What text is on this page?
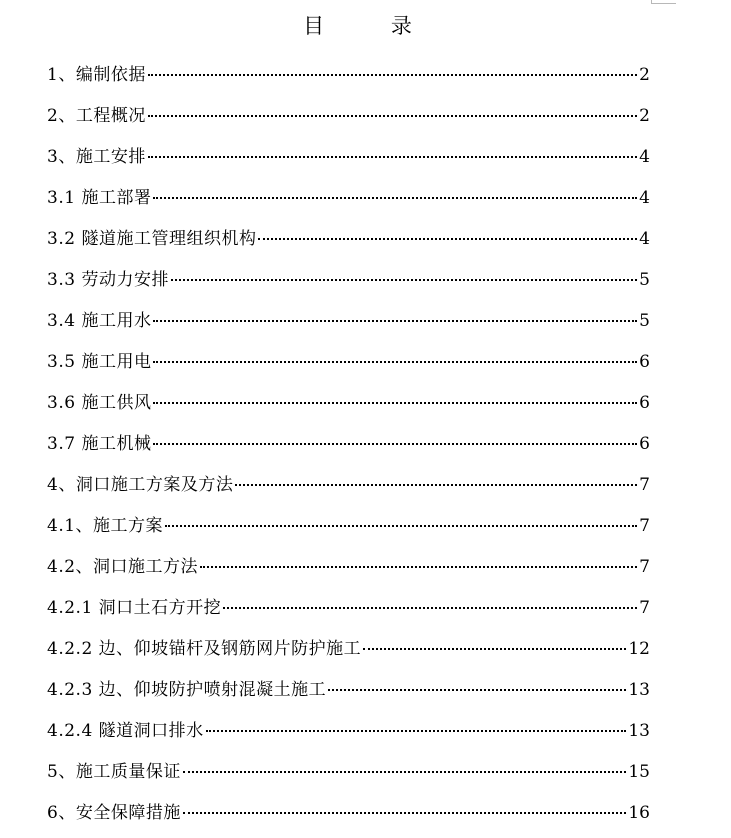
目 录
1、编制依据	2
2、工程概况	2
3、施工安排	4
3.1 施工部署	4
3.2 隧道施工管理组织机构	4
3.3 劳动力安排	5
3.4 施工用水	5
3.5 施工用电	6
3.6 施工供风	6
3.7 施工机械	6
4、洞口施工方案及方法	7
4.1、施工方案	7
4.2、洞口施工方法	7
4.2.1 洞口土石方开挖	7
4.2.2 边、仰坡锚杆及钢筋网片防护施工	12
4.2.3 边、仰坡防护喷射混凝土施工	13
4.2.4 隧道洞口排水	13
5、施工质量保证	15
6、安全保障措施	16
